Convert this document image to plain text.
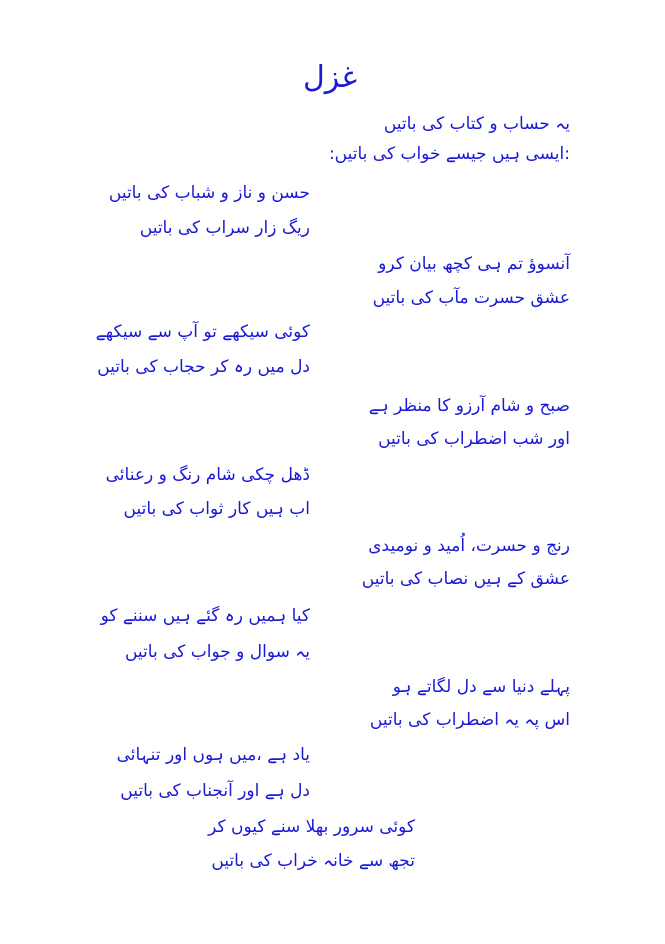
غزل
یہ حساب و کتاب کی باتیں
:ایسی ہیں جیسے خواب کی باتیں:
حسن و ناز و شباب کی باتیں
ریگ زار سراب کی باتیں
آنسوؤ تم ہی کچھ بیان کرو
عشق حسرت مآب کی باتیں
کوئی سیکھے تو آپ سے سیکھے
دل میں رہ کر حجاب کی باتیں
صبح و شام آرزو کا منظر ہے
اور شب اضطراب کی باتیں
ڈھل چکی شام رنگ و رعنائی
اب ہیں کار ثواب کی باتیں
رنج و حسرت، اُمید و نومیدی
عشق کے ہیں نصاب کی باتیں
کیا ہمیں رہ گئے ہیں سننے کو
یہ سوال و جواب کی باتیں
پہلے دنیا سے دل لگاتے ہو
اس پہ یہ اضطراب کی باتیں
یاد ہے ،میں ہوں اور تنہائی
دل ہے اور آنجناب کی باتیں
کوئی سرور بھلا سنے کیوں کر
تجھ سے خانہ خراب کی باتیں
